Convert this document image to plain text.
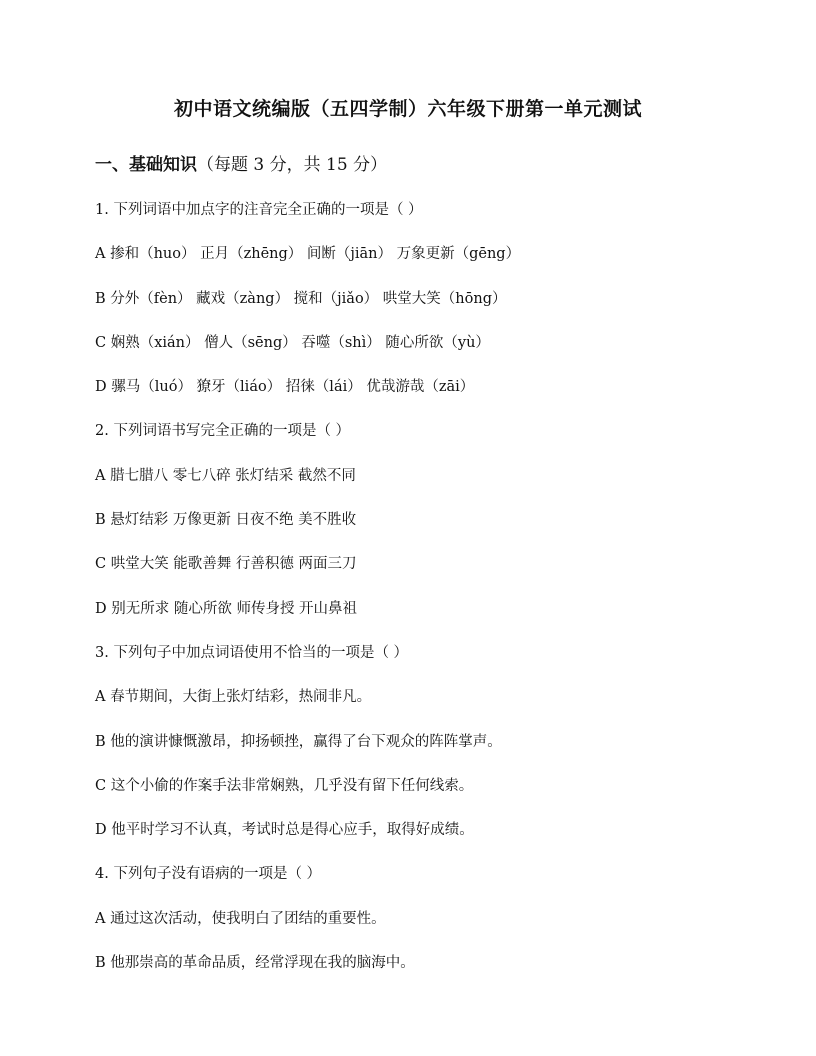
初中语文统编版（五四学制）六年级下册第一单元测试
一、基础知识（每题 3 分，共 15 分）
1. 下列词语中加点字的注音完全正确的一项是（ ）
A 掺和（huo） 正月（zhēng） 间断（jiān） 万象更新（gēng）
B 分外（fèn） 藏戏（zàng） 搅和（jiǎo） 哄堂大笑（hōng）
C 娴熟（xián） 僧人（sēng） 吞噬（shì） 随心所欲（yù）
D 骡马（luó） 獠牙（liáo） 招徕（lái） 优哉游哉（zāi）
2. 下列词语书写完全正确的一项是（ ）
A 腊七腊八 零七八碎 张灯结采 截然不同
B 悬灯结彩 万像更新 日夜不绝 美不胜收
C 哄堂大笑 能歌善舞 行善积德 两面三刀
D 别无所求 随心所欲 师传身授 开山鼻祖
3. 下列句子中加点词语使用不恰当的一项是（ ）
A 春节期间，大街上张灯结彩，热闹非凡。
B 他的演讲慷慨激昂，抑扬顿挫，赢得了台下观众的阵阵掌声。
C 这个小偷的作案手法非常娴熟，几乎没有留下任何线索。
D 他平时学习不认真，考试时总是得心应手，取得好成绩。
4. 下列句子没有语病的一项是（ ）
A 通过这次活动，使我明白了团结的重要性。
B 他那崇高的革命品质，经常浮现在我的脑海中。
